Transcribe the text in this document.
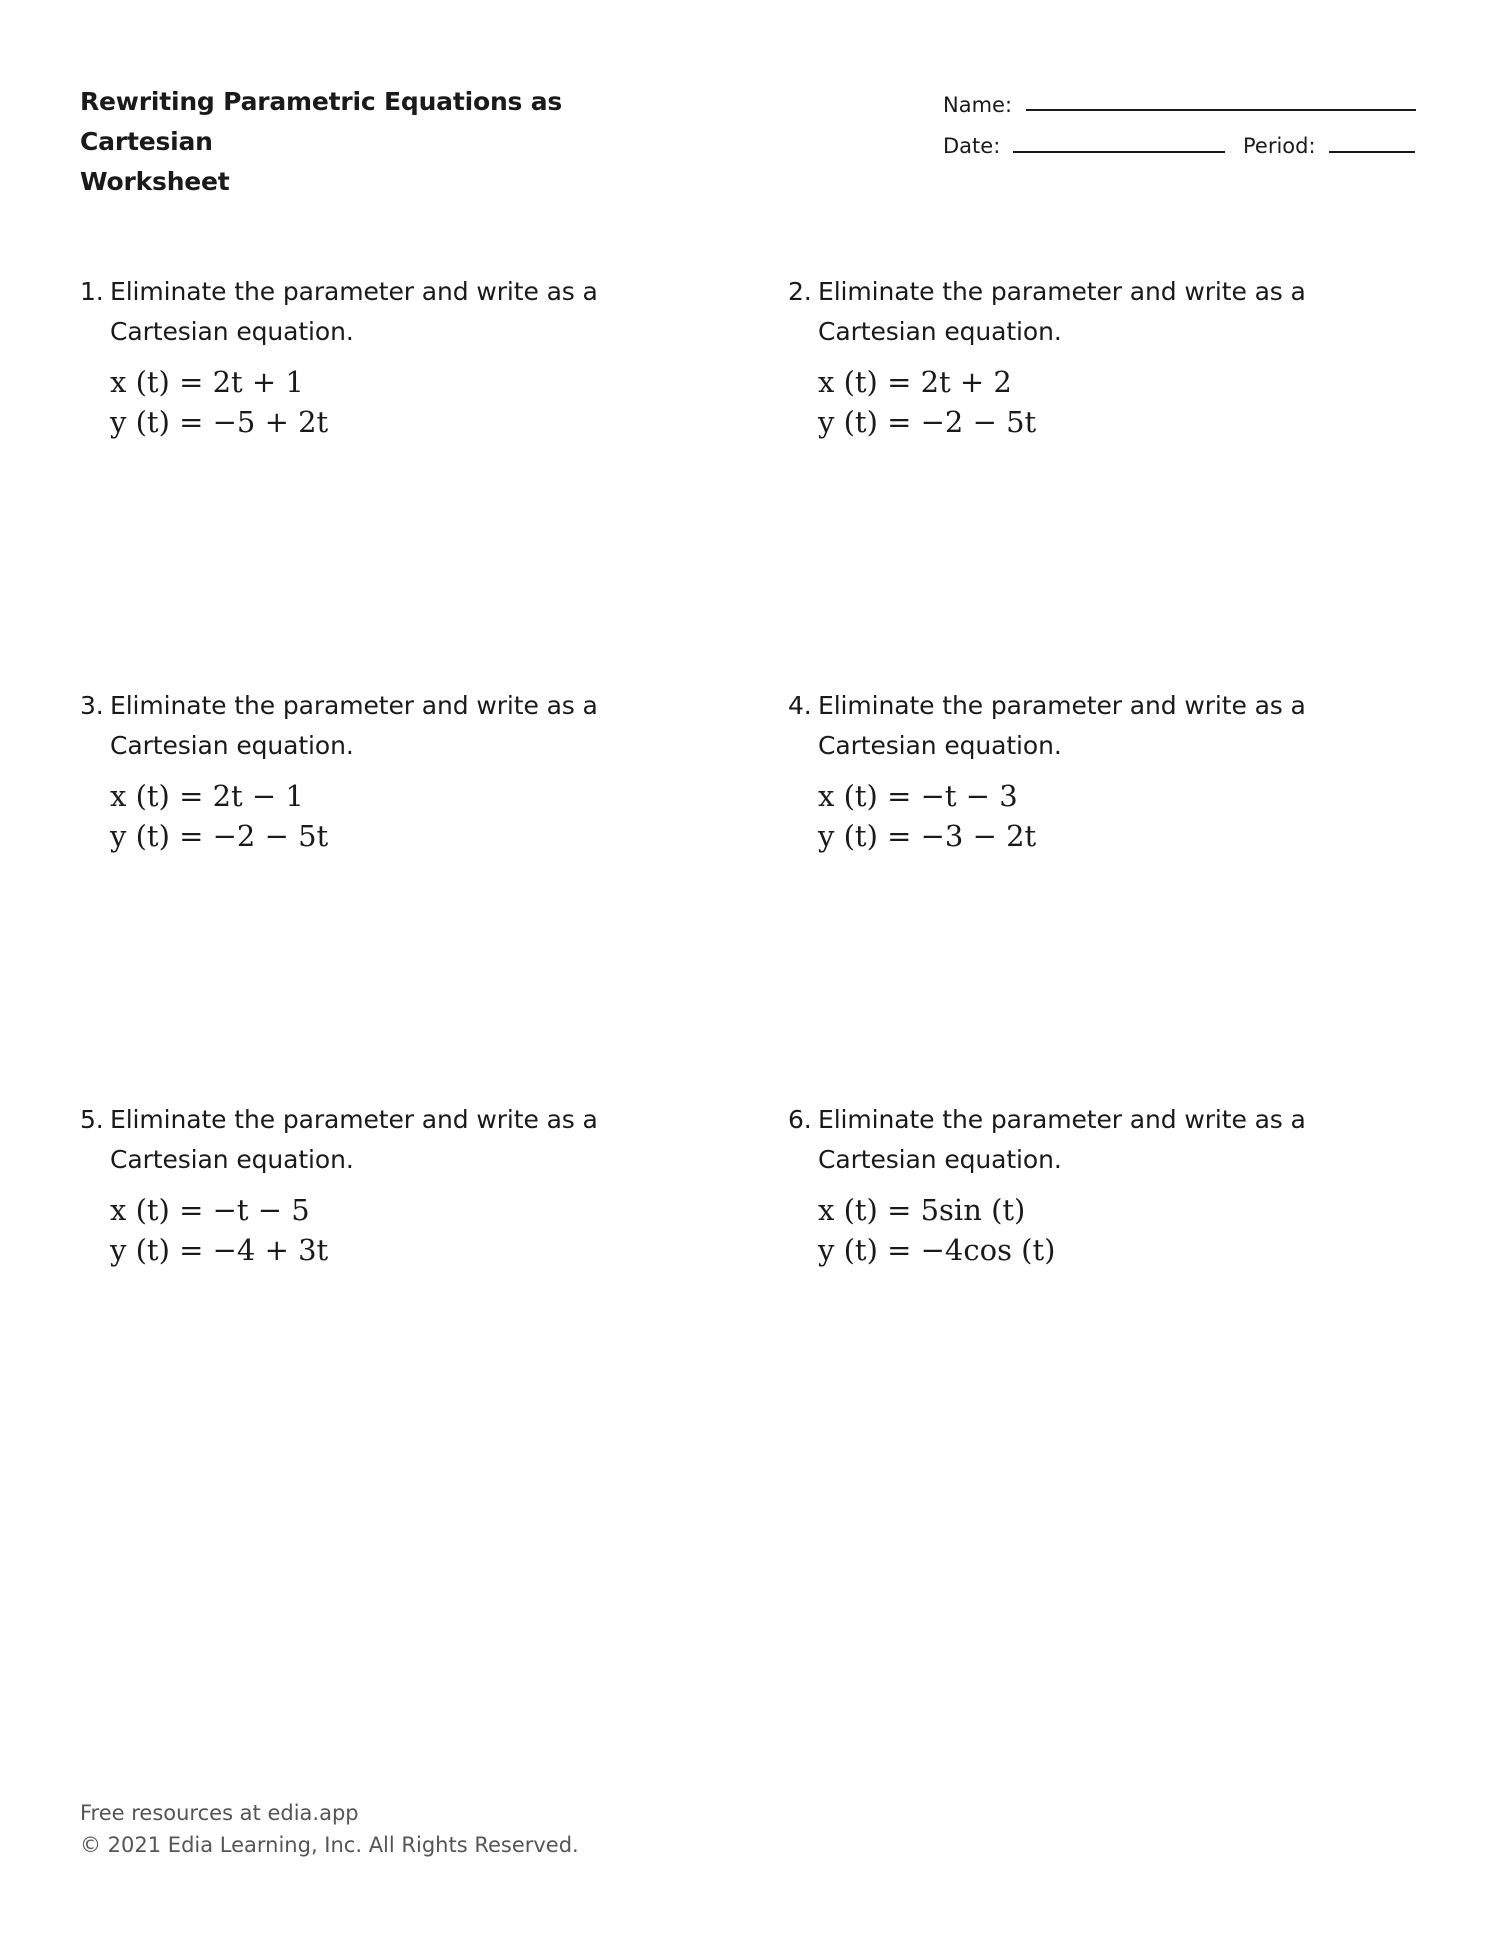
Rewriting Parametric Equations as Cartesian
Worksheet
Name:
Date:	Period:
1. Eliminate the parameter and write as a Cartesian equation.
x (t) = 2t + 1
y (t) = −5 + 2t
2. Eliminate the parameter and write as a Cartesian equation.
x (t) = 2t + 2
y (t) = −2 − 5t
3. Eliminate the parameter and write as a Cartesian equation.
x (t) = 2t − 1
y (t) = −2 − 5t
4. Eliminate the parameter and write as a Cartesian equation.
x (t) = −t − 3
y (t) = −3 − 2t
5. Eliminate the parameter and write as a Cartesian equation.
x (t) = −t − 5
y (t) = −4 + 3t
6. Eliminate the parameter and write as a Cartesian equation.
x (t) = 5sin (t)
y (t) = −4cos (t)
Free resources at edia.app
© 2021 Edia Learning, Inc. All Rights Reserved.
